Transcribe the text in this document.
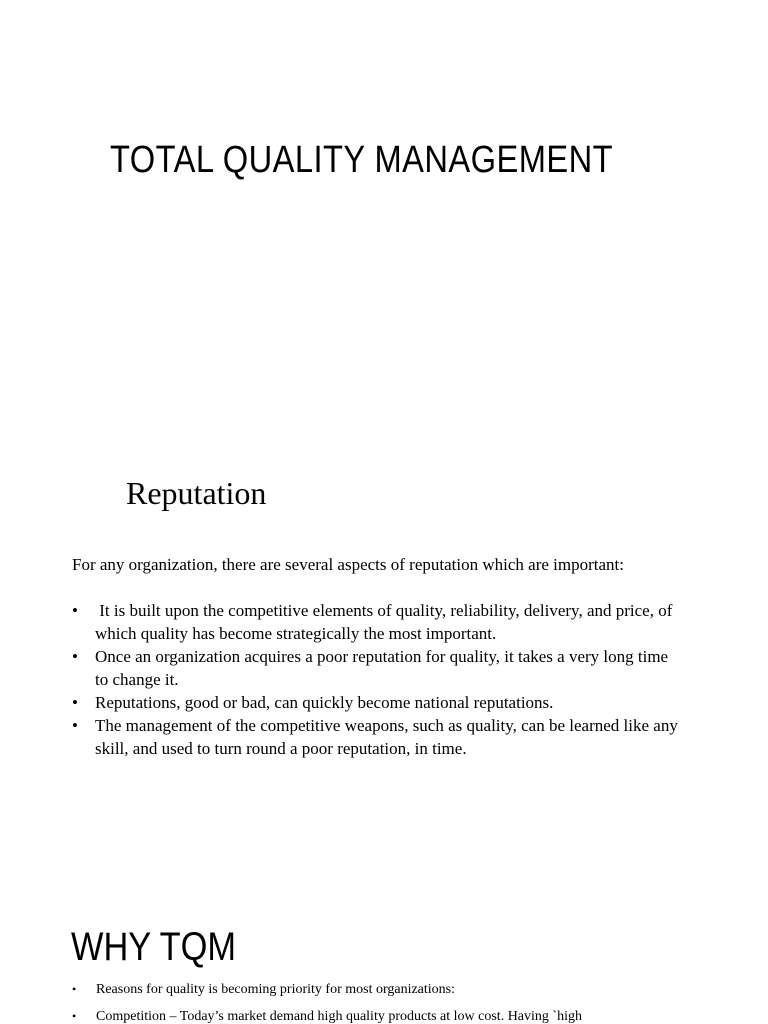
TOTAL QUALITY MANAGEMENT
Reputation

For any organization, there are several aspects of reputation which are important:

• It is built upon the competitive elements of quality, reliability, delivery, and price, of which quality has become strategically the most important.
• Once an organization acquires a poor reputation for quality, it takes a very long time to change it.
• Reputations, good or bad, can quickly become national reputations.
• The management of the competitive weapons, such as quality, can be learned like any skill, and used to turn round a poor reputation, in time.
WHY TQM
• Reasons for quality is becoming priority for most organizations:
• Competition – Today’s market demand high quality products at low cost. Having `high
